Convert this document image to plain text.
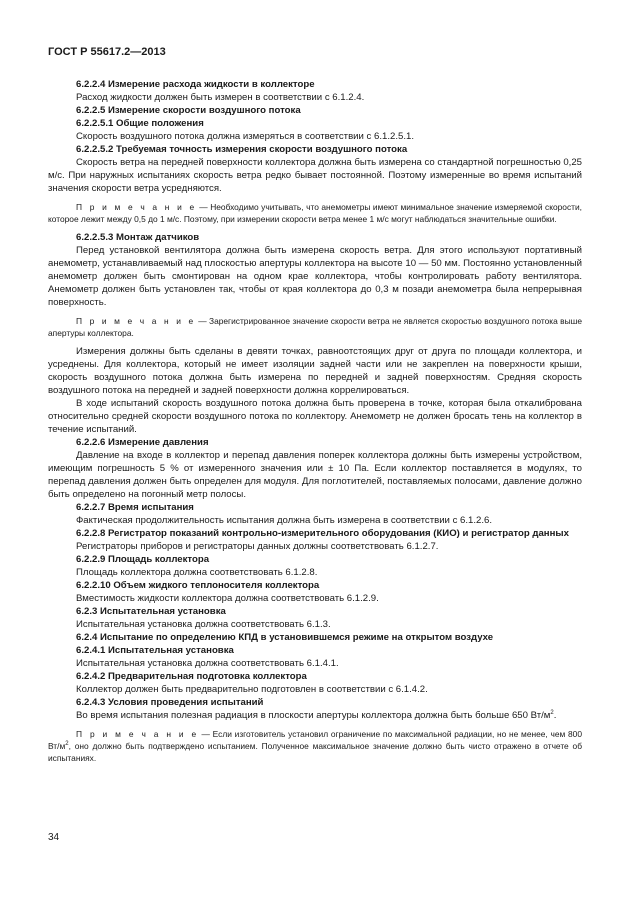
ГОСТ Р 55617.2—2013

6.2.2.4 Измерение расхода жидкости в коллекторе

Расход жидкости должен быть измерен в соответствии с 6.1.2.4.

6.2.2.5 Измерение скорости воздушного потока

6.2.2.5.1 Общие положения

Скорость воздушного потока должна измеряться в соответствии с 6.1.2.5.1.

6.2.2.5.2 Требуемая точность измерения скорости воздушного потока

Скорость ветра на передней поверхности коллектора должна быть измерена со стандартной погрешностью 0,25 м/с. При наружных испытаниях скорость ветра редко бывает постоянной. Поэтому измеренные во время испытаний значения скорости ветра усредняются.

П р и м е ч а н и е — Необходимо учитывать, что анемометры имеют минимальное значение измеряемой скорости, которое лежит между 0,5 до 1 м/с. Поэтому, при измерении скорости ветра менее 1 м/с могут наблюдаться значительные ошибки.

6.2.2.5.3 Монтаж датчиков

Перед установкой вентилятора должна быть измерена скорость ветра. Для этого используют портативный анемометр, устанавливаемый над плоскостью апертуры коллектора на высоте 10 — 50 мм. Постоянно установленный анемометр должен быть смонтирован на одном крае коллектора, чтобы контролировать работу вентилятора. Анемометр должен быть установлен так, чтобы от края коллектора до 0,3 м позади анемометра была непрерывная поверхность.

П р и м е ч а н и е — Зарегистрированное значение скорости ветра не является скоростью воздушного потока выше апертуры коллектора.

Измерения должны быть сделаны в девяти точках, равноотстоящих друг от друга по площади коллектора, и усреднены. Для коллектора, который не имеет изоляции задней части или не закреплен на поверхности крыши, скорость воздушного потока должна быть измерена по передней и задней поверхностям. Средняя скорость воздушного потока на передней и задней поверхности должна коррелироваться.

В ходе испытаний скорость воздушного потока должна быть проверена в точке, которая была откалиброванa относительно средней скорости воздушного потока по коллектору. Анемометр не должен бросать тень на коллектор в течение испытаний.

6.2.2.6 Измерение давления

Давление на входе в коллектор и перепад давления поперек коллектора должны быть измерены устройством, имеющим погрешность 5 % от измеренного значения или ± 10 Па. Если коллектор поставляется в модулях, то перепад давления должен быть определен для модуля. Для поглотителей, поставляемых полосами, давление должно быть определено на погонный метр полосы.

6.2.2.7 Время испытания

Фактическая продолжительность испытания должна быть измерена в соответствии с 6.1.2.6.

6.2.2.8 Регистратор показаний контрольно-измерительного оборудования (КИО) и регистратор данных

Регистраторы приборов и регистраторы данных должны соответствовать 6.1.2.7.

6.2.2.9 Площадь коллектора

Площадь коллектора должна соответствовать 6.1.2.8.

6.2.2.10 Объем жидкого теплоносителя коллектора

Вместимость жидкости коллектора должна соответствовать 6.1.2.9.

6.2.3 Испытательная установка

Испытательная установка должна соответствовать 6.1.3.

6.2.4 Испытание по определению КПД в установившемся режиме на открытом воздухе

6.2.4.1 Испытательная установка

Испытательная установка должна соответствовать 6.1.4.1.

6.2.4.2 Предварительная подготовка коллектора

Коллектор должен быть предварительно подготовлен в соответствии с 6.1.4.2.

6.2.4.3 Условия проведения испытаний

Во время испытания полезная радиация в плоскости апертуры коллектора должна быть больше 650 $Вт/м^2$.

П р и м е ч а н и е — Если изготовитель установил ограничение по максимальной радиации, но не менее, чем 800 $Вт/м^2$, оно должно быть подтверждено испытанием. Полученное максимальное значение должно быть чисто отражено в отчете об испытаниях.

34
